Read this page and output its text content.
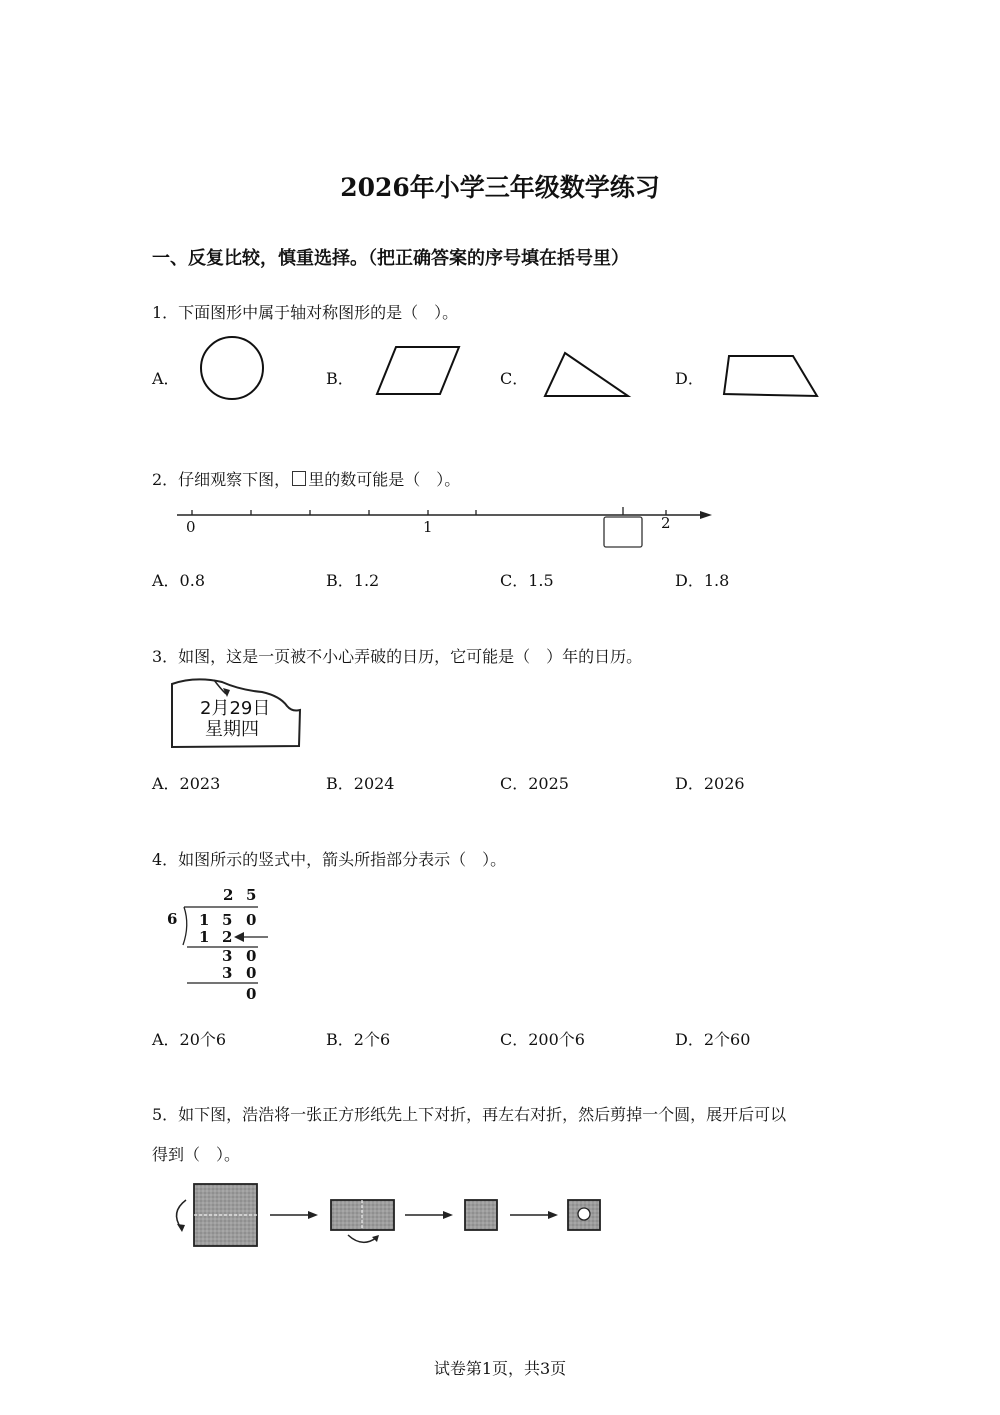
2026年小学三年级数学练习
一、反复比较，慎重选择。（把正确答案的序号填在括号里）
1．下面图形中属于轴对称图形的是（　）。
A．	B．	C．	D．
2．仔细观察下图， 里的数可能是（　）。
0	1	2
A．0.8	B．1.2	C．1.5	D．1.8
3．如图，这是一页被不小心弄破的日历，它可能是（　）年的日历。
2月29日
星期四
A．2023	B．2024	C．2025	D．2026
4．如图所示的竖式中，箭头所指部分表示（　）。
6
2 5
1 5 0
1 2
3 0
3 0
0
A．20个6	B．2个6	C．200个6	D．2个60
5．如下图，浩浩将一张正方形纸先上下对折，再左右对折，然后剪掉一个圆，展开后可以
得到（　）。
试卷第1页，共3页
